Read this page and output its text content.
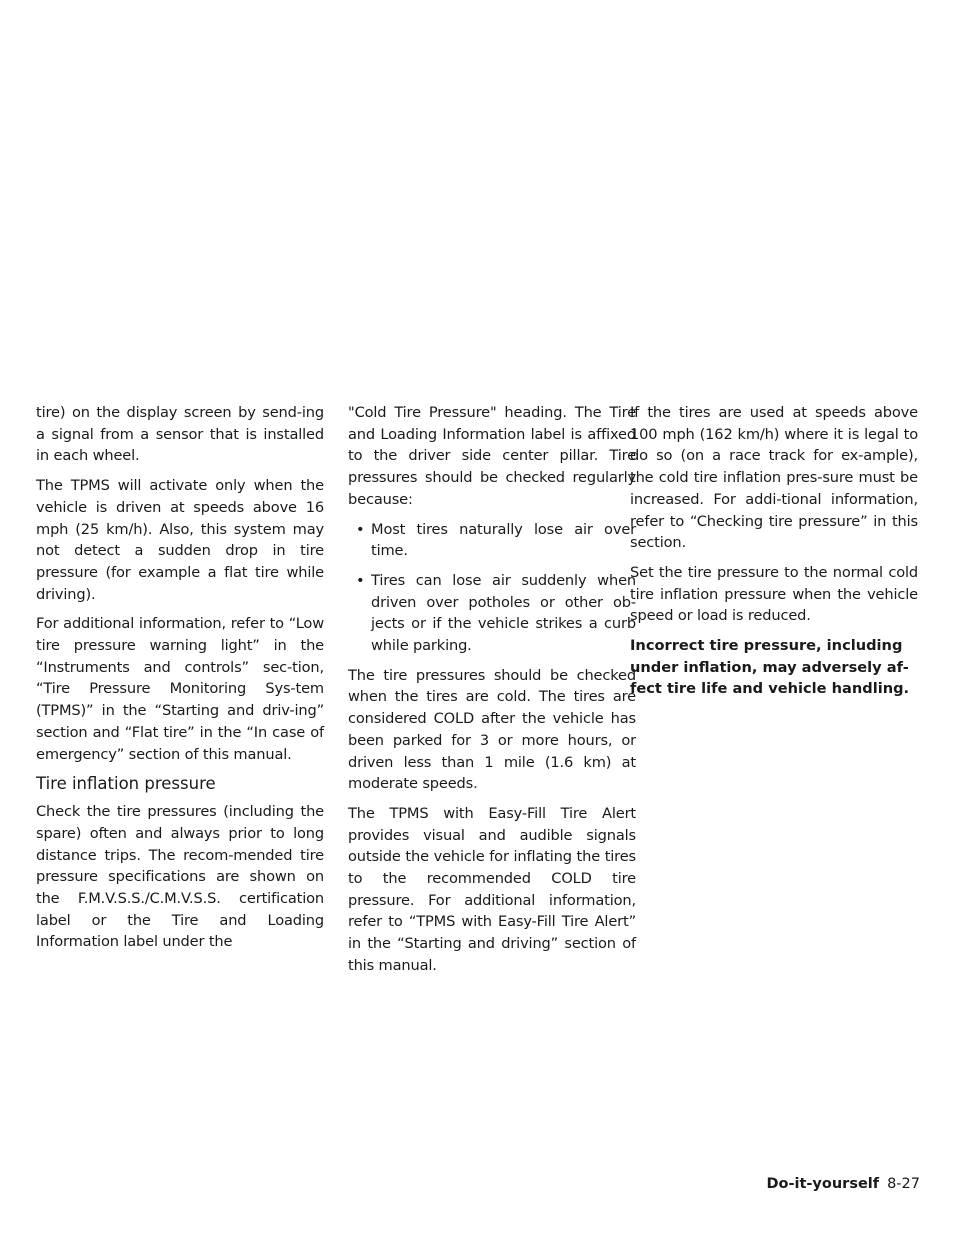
tire) on the display screen by send-ing a signal from a sensor that is installed in each wheel.

The TPMS will activate only when the vehicle is driven at speeds above 16 mph (25 km/h). Also, this system may not detect a sudden drop in tire pressure (for example a flat tire while driving).

For additional information, refer to “Low tire pressure warning light” in the “Instruments and controls” sec-tion, “Tire Pressure Monitoring Sys-tem (TPMS)” in the “Starting and driv-ing” section and “Flat tire” in the “In case of emergency” section of this manual.

Tire inflation pressure

Check the tire pressures (including the spare) often and always prior to long distance trips. The recom-mended tire pressure specifications are shown on the F.M.V.S.S./C.M.V.S.S. certification label or the Tire and Loading Information label under the

"Cold Tire Pressure" heading. The Tire and Loading Information label is affixed to the driver side center pillar. Tire pressures should be checked regularly because:

• Most tires naturally lose air over time.
• Tires can lose air suddenly when driven over potholes or other ob-jects or if the vehicle strikes a curb while parking.

The tire pressures should be checked when the tires are cold. The tires are considered COLD after the vehicle has been parked for 3 or more hours, or driven less than 1 mile (1.6 km) at moderate speeds.

The TPMS with Easy-Fill Tire Alert provides visual and audible signals outside the vehicle for inflating the tires to the recommended COLD tire pressure. For additional information, refer to “TPMS with Easy-Fill Tire Alert” in the “Starting and driving” section of this manual.

If the tires are used at speeds above 100 mph (162 km/h) where it is legal to do so (on a race track for ex-ample), the cold tire inflation pres-sure must be increased. For addi-tional information, refer to “Checking tire pressure” in this section.

Set the tire pressure to the normal cold tire inflation pressure when the vehicle speed or load is reduced.

Incorrect tire pressure, including under inflation, may adversely af-fect tire life and vehicle handling.

Do-it-yourself 8-27
